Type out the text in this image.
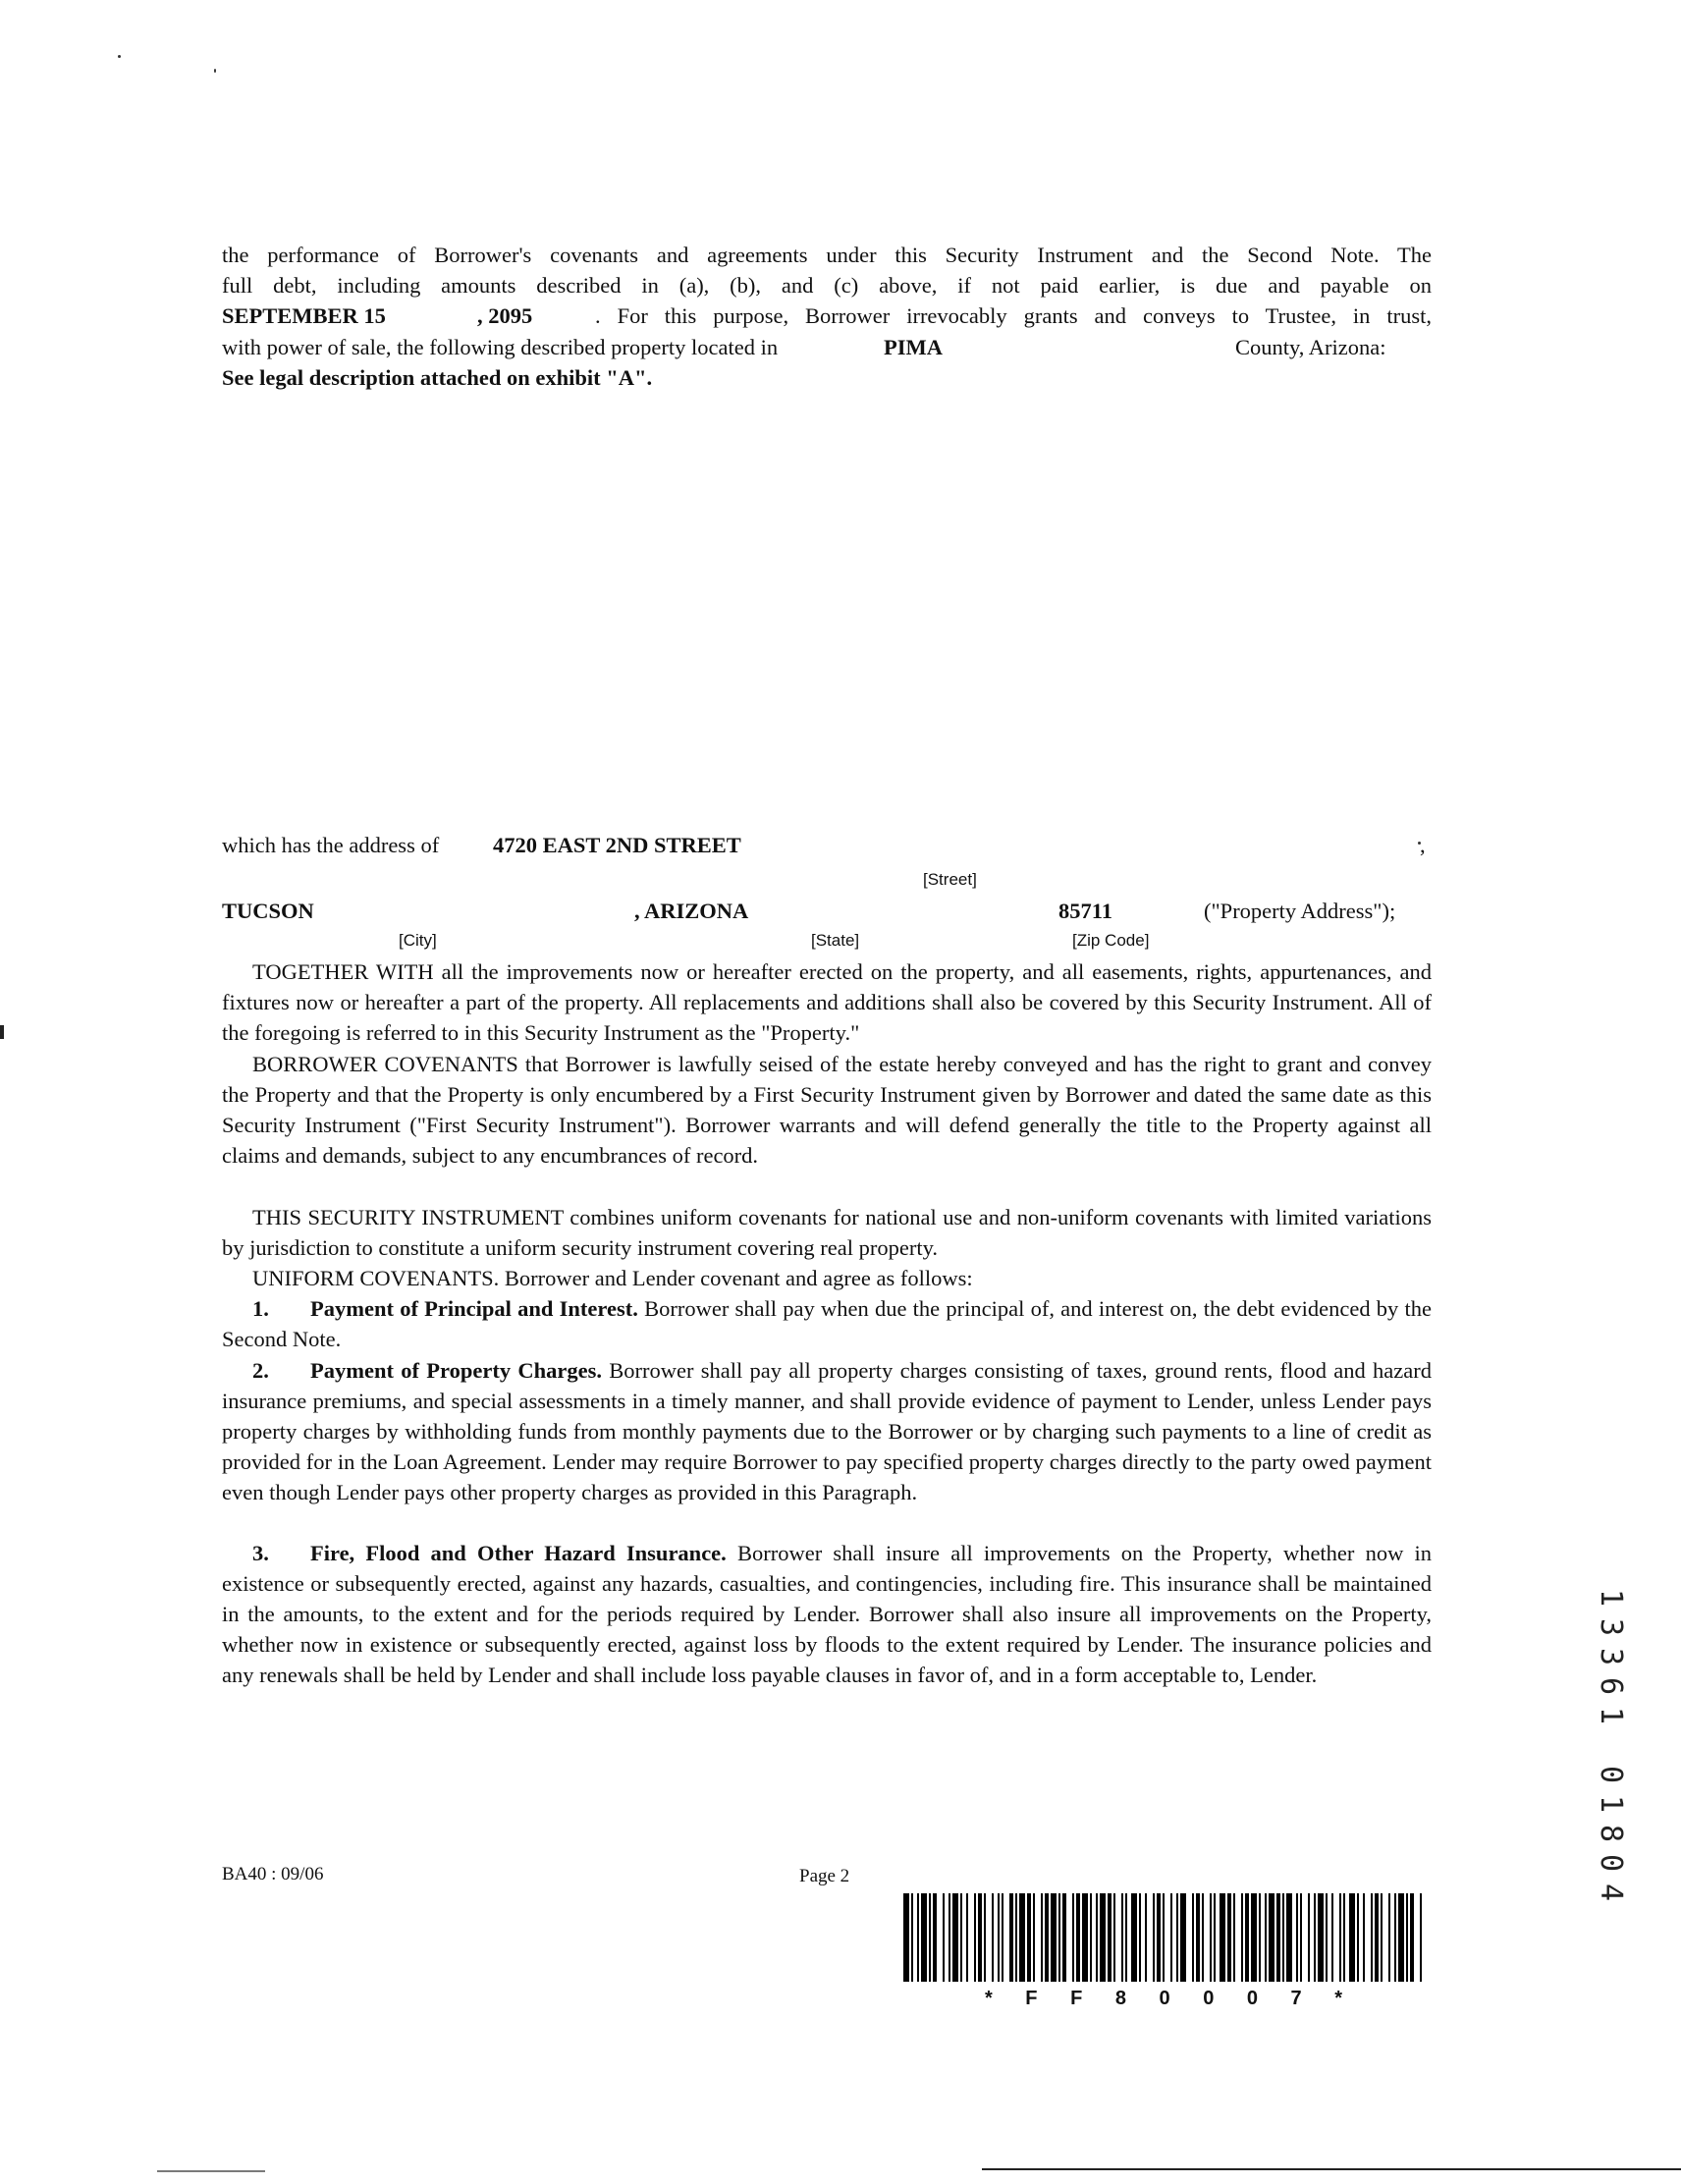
the performance of Borrower's covenants and agreements under this Security Instrument and the Second Note. The
full debt, including amounts described in (a), (b), and (c) above, if not paid earlier, is due and payable on
SEPTEMBER 15	, 2095	. For this purpose, Borrower irrevocably grants and conveys to Trustee, in trust,
with power of sale, the following described property located in	PIMA	County, Arizona:
See legal description attached on exhibit "A".
which has the address of 4720 EAST 2ND STREET	,
[Street]
TUCSON	, ARIZONA	85711	("Property Address");
[City]	[State]	[Zip Code]
TOGETHER WITH all the improvements now or hereafter erected on the property, and all easements, rights, appurtenances, and fixtures now or hereafter a part of the property. All replacements and additions shall also be covered by this Security Instrument. All of the foregoing is referred to in this Security Instrument as the "Property."
BORROWER COVENANTS that Borrower is lawfully seised of the estate hereby conveyed and has the right to grant and convey the Property and that the Property is only encumbered by a First Security Instrument given by Borrower and dated the same date as this Security Instrument ("First Security Instrument"). Borrower warrants and will defend generally the title to the Property against all claims and demands, subject to any encumbrances of record.
THIS SECURITY INSTRUMENT combines uniform covenants for national use and non-uniform covenants with limited variations by jurisdiction to constitute a uniform security instrument covering real property.
UNIFORM COVENANTS. Borrower and Lender covenant and agree as follows:
1. Payment of Principal and Interest. Borrower shall pay when due the principal of, and interest on, the debt evidenced by the Second Note.
2. Payment of Property Charges. Borrower shall pay all property charges consisting of taxes, ground rents, flood and hazard insurance premiums, and special assessments in a timely manner, and shall provide evidence of payment to Lender, unless Lender pays property charges by withholding funds from monthly payments due to the Borrower or by charging such payments to a line of credit as provided for in the Loan Agreement. Lender may require Borrower to pay specified property charges directly to the party owed payment even though Lender pays other property charges as provided in this Paragraph.
3. Fire, Flood and Other Hazard Insurance. Borrower shall insure all improvements on the Property, whether now in existence or subsequently erected, against any hazards, casualties, and contingencies, including fire. This insurance shall be maintained in the amounts, to the extent and for the periods required by Lender. Borrower shall also insure all improvements on the Property, whether now in existence or subsequently erected, against loss by floods to the extent required by Lender. The insurance policies and any renewals shall be held by Lender and shall include loss payable clauses in favor of, and in a form acceptable to, Lender.
BA40 : 09/06	Page 2
* F F 8 0 0 0 7 *
1
3
3
6
1

0
1
8
0
4
